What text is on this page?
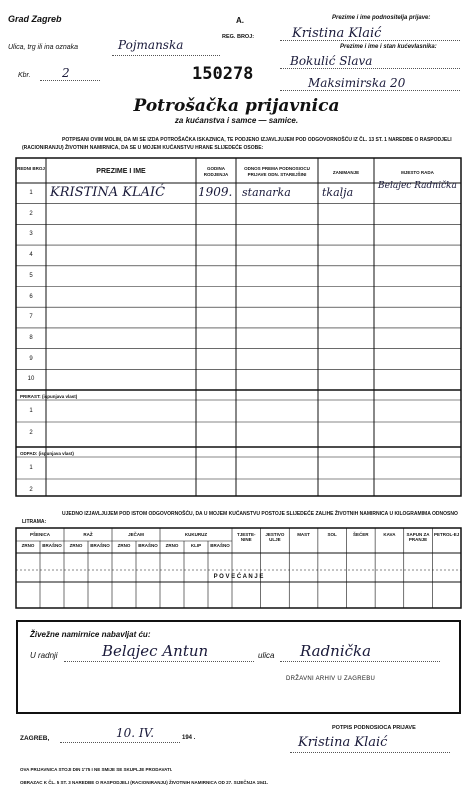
Grad Zagreb	A.
REG. BROJ:
Ulica, trg ili ina oznaka	Pojmanska
Kbr.	2	150278
Prezime i ime podnositelja prijave:
Kristina Klaić
Prezime i ime i stan kućevlasnika:
Bokulić Slava
Maksimirska 20
Potrošačka prijavnica
za kućanstva i samce — samice.
POTPISANI OVIM MOLIM, DA MI SE IZDA POTROŠAČKA ISKAZNICA, TE PODJENO IZJAVLJUJEM POD ODGOVORNOŠĆU IZ ČL. 13 ST. 1 NAREDBE O RASPODJELI (RACIONIRANJU) ŽIVOTNIH NAMIRNICA, DA SE U MOJEM KUĆANSTVU HRANE SLIJEDEĆE OSOBE:
REDNI BROJ	PREZIME I IME	GODINA RODJENJA
ODNOS PREMA PODNOSIOCU PRIJAVE ODN. STAREJŠINI	ZANIMANJE	MJESTO RADA
1	KRISTINA KLAIĆ	1909. stanarka	tkalja	Belajec Radnička
2
3
4
5
6
7
8
9
10
1
2
1
2
PRIRAST: (ispunjava vlast)
ODPAD: (ispunjava vlast)
UJEDNO IZJAVLJUJEM POD ISTOM ODGOVORNOŠĆU, DA U MOJEM KUĆANSTVU POSTOJE SLIJEDEĆE ZALIHE ŽIVOTNIH NAMIRNICA U KILOGRAMIMA ODNOSNO LITRAMA:
PŠENICA
ZRNO	BRAŠNO
RAŽ
ZRNO	BRAŠNO
JEČAM
ZRNO	BRAŠNO
KUKURUZ
ZRNO	KLIP	BRAŠNO
TJESTE-NINE
JESTIVO ULJE
MAST	SOL	ŠEĆER	KAVA	SAPUN ZA PRANJE
PETROL-EJ
P O V E Ć A N J E
Živežne namirnice nabavljat ću:
U radnji	Belajec Antun	ulica Radnička
DRŽAVNI ARHIV U ZAGREBU
ZAGREB,	10. IV.	194 .
POTPIS PODNOSIOCA PRIJAVE
Kristina Klaić
OVA PRIJAVNICA STOJI DIN 1'75 I NE SMIJE SE SKUPLJE PRODAVATI.
OBRAZAC K ČL. 5 ST. 3 NAREDBE O RASPODJELI (RACIONIRANJU) ŽIVOTNIH NAMIRNICA OD 27. SIJEČNJA 1941.
